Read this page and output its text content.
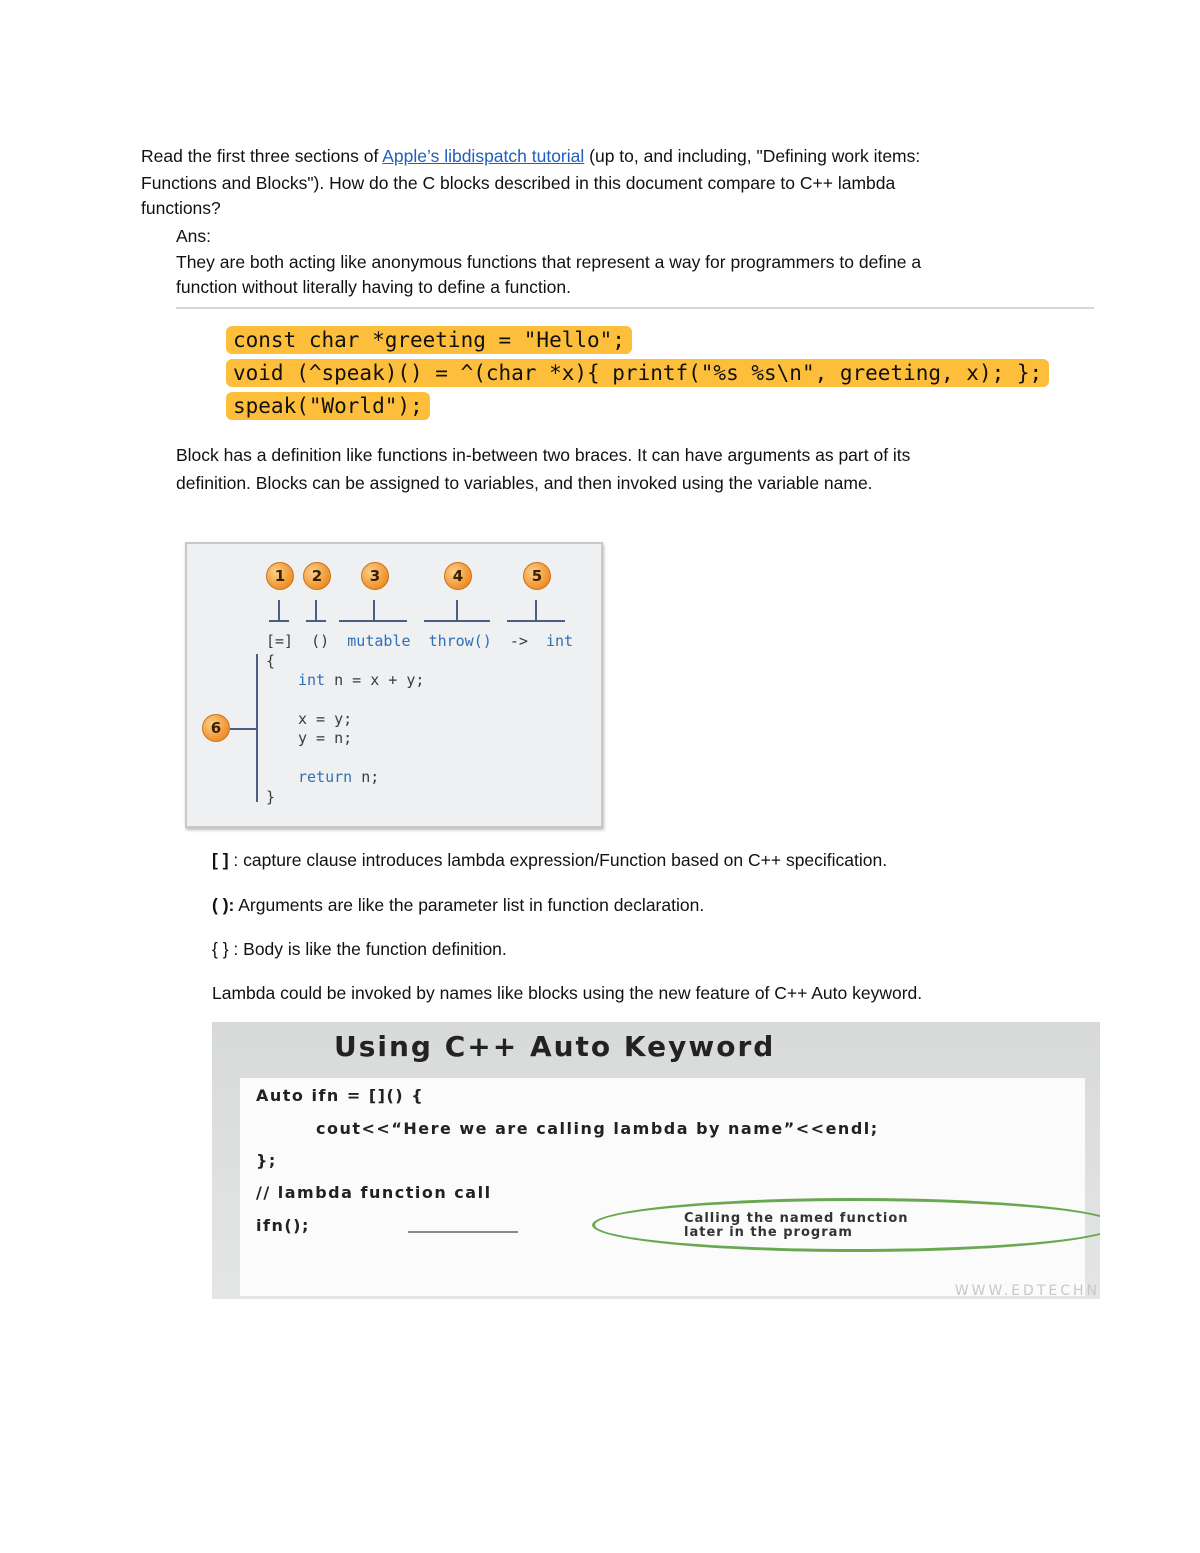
Read the first three sections of Apple’s libdispatch tutorial (up to, and including, "Defining work items:
Functions and Blocks"). How do the C blocks described in this document compare to C++ lambda
functions?
Ans:
They are both acting like anonymous functions that represent a way for programmers to define a
function without literally having to define a function.
const char *greeting = "Hello";
void (^speak)() = ^(char *x){ printf("%s %s\n", greeting, x); };
speak("World");
Block has a definition like functions in-between two braces. It can have arguments as part of its
definition. Blocks can be assigned to variables, and then invoked using the variable name.
1	2	3	4	5
6
[=] () mutable throw() -> int
{
int n = x + y;
x = y;
y = n;
return n;
}
[ ] : capture clause introduces lambda expression/Function based on C++ specification.
( ): Arguments are like the parameter list in function declaration.
{ } : Body is like the function definition.
Lambda could be invoked by names like blocks using the new feature of C++ Auto keyword.
Using C++ Auto Keyword
Auto ifn = []() {
cout<<“Here we are calling lambda by name”<<endl;
};
// lambda function call
ifn();	Calling the named function
later in the program
WWW.EDTECHN
